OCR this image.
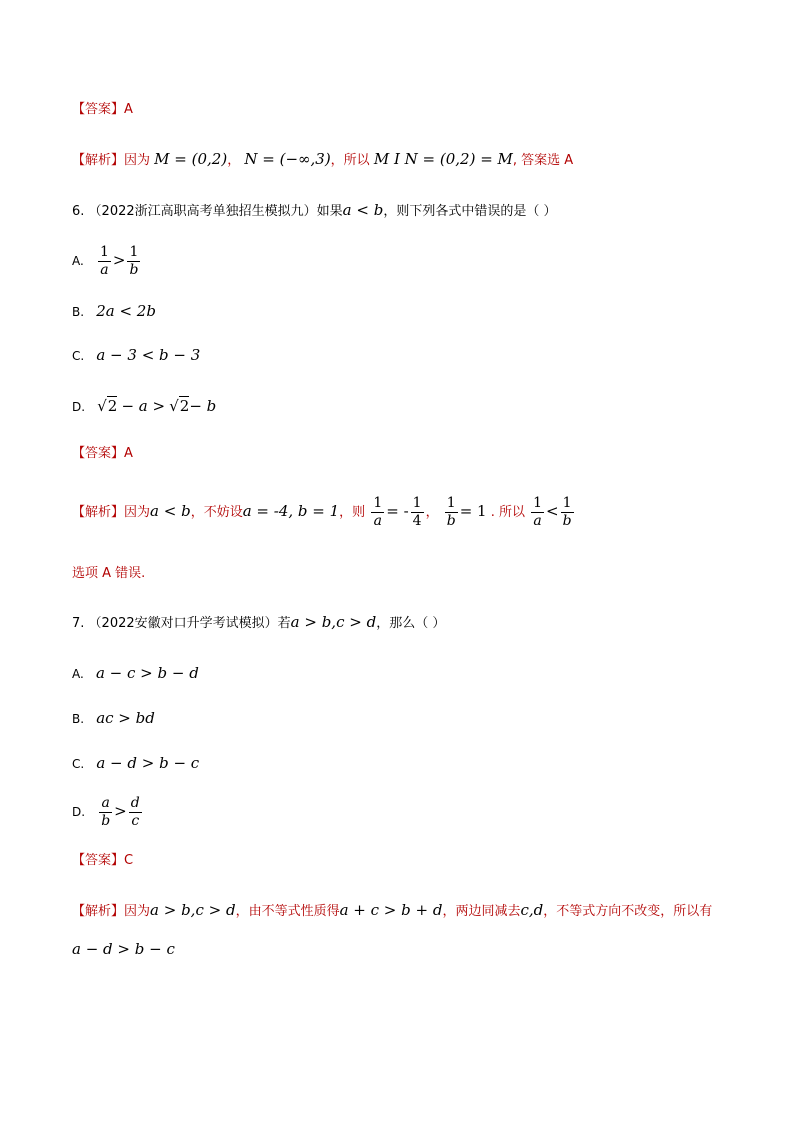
【答案】A
【解析】因为 M = (0,2)， N = (−∞,3)，所以 M I N = (0,2) = M, 答案选 A
6. （2022浙江高职高考单独招生模拟九）如果a < b，则下列各式中错误的是（ ）
A. $\frac{1}{a} > \frac{1}{b}$
B. 2a < 2b
C. a − 3 < b − 3
D. √2 − a > √2− b
【答案】A
【解析】因为a < b，不妨设a = -4, b = 1，则 $\frac{1}{a}$ = - $\frac{1}{4}$ ， $\frac{1}{b} = 1$ . 所以 $\frac{1}{a} < \frac{1}{b}$
选项 A 错误.
7. （2022安徽对口升学考试模拟）若a > b,c > d，那么（ ）
A. a − c > b − d
B. ac > bd
C. a − d > b − c
D. $\frac{a}{b} > \frac{d}{c}$
【答案】C
【解析】因为a > b,c > d，由不等式性质得a + c > b + d，两边同减去c,d，不等式方向不改变，所以有
a − d > b − c
